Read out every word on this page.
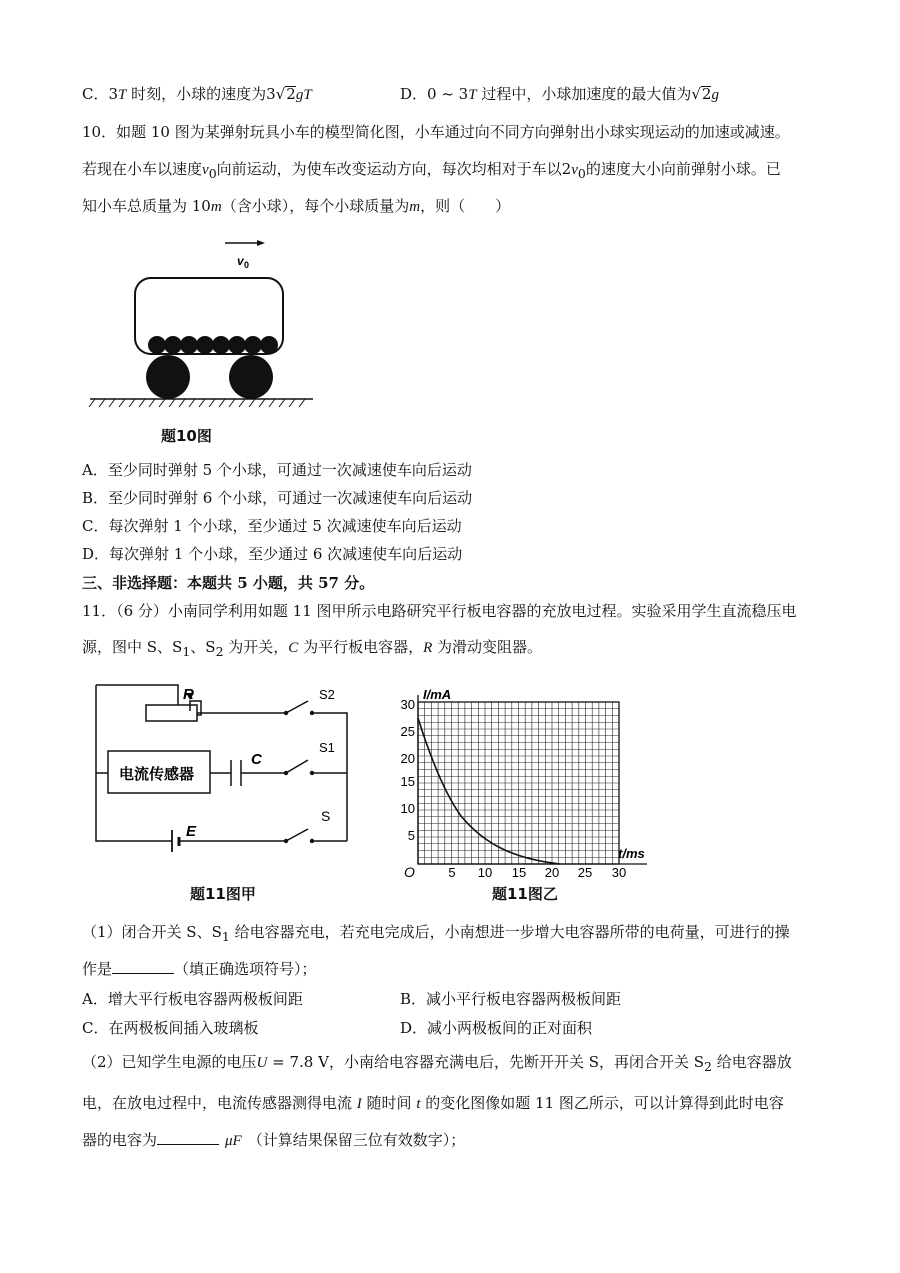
C．3T 时刻，小球的速度为3√2gT	D．0 ~ 3T 过程中，小球加速度的最大值为√2g
10．如题 10 图为某弹射玩具小车的模型简化图，小车通过向不同方向弹射出小球实现运动的加速或减速。
若现在小车以速度$v_0$向前运动，为使车改变运动方向，每次均相对于车以$2v_0$的速度大小向前弹射小球。已
知小车总质量为 10m（含小球），每个小球质量为m，则（　　）
v 0
题10图
A．至少同时弹射 5 个小球，可通过一次减速使车向后运动
B．至少同时弹射 6 个小球，可通过一次减速使车向后运动
C．每次弹射 1 个小球，至少通过 5 次减速使车向后运动
D．每次弹射 1 个小球，至少通过 6 次减速使车向后运动
三、非选择题：本题共 5 小题，共 57 分。
11．（6 分）小南同学利用如题 11 图甲所示电路研究平行板电容器的充放电过程。实验采用学生直流稳压电
源，图中 S、$S_1$、$S_2$ 为开关，C 为平行板电容器，R 为滑动变阻器。
R	S2
C
S1
电流传感器
E
S
题11图甲
I/mA
t/ms
O
5
10
15
20
25
30
5 10 15 20 25 30
题11图乙
（1）闭合开关 S、$S_1$ 给电容器充电，若充电完成后，小南想进一步增大电容器所带的电荷量，可进行的操
作是	（填正确选项符号）；
A．增大平行板电容器两极板间距	B．减小平行板电容器两极板间距
C．在两极板间插入玻璃板	D．减小两极板间的正对面积
（2）已知学生电源的电压U = 7.8 V，小南给电容器充满电后，先断开开关 S，再闭合开关 $S_2$ 给电容器放
电，在放电过程中，电流传感器测得电流 I 随时间 t 的变化图像如题 11 图乙所示，可以计算得到此时电容
器的电容为	μF （计算结果保留三位有效数字）；
